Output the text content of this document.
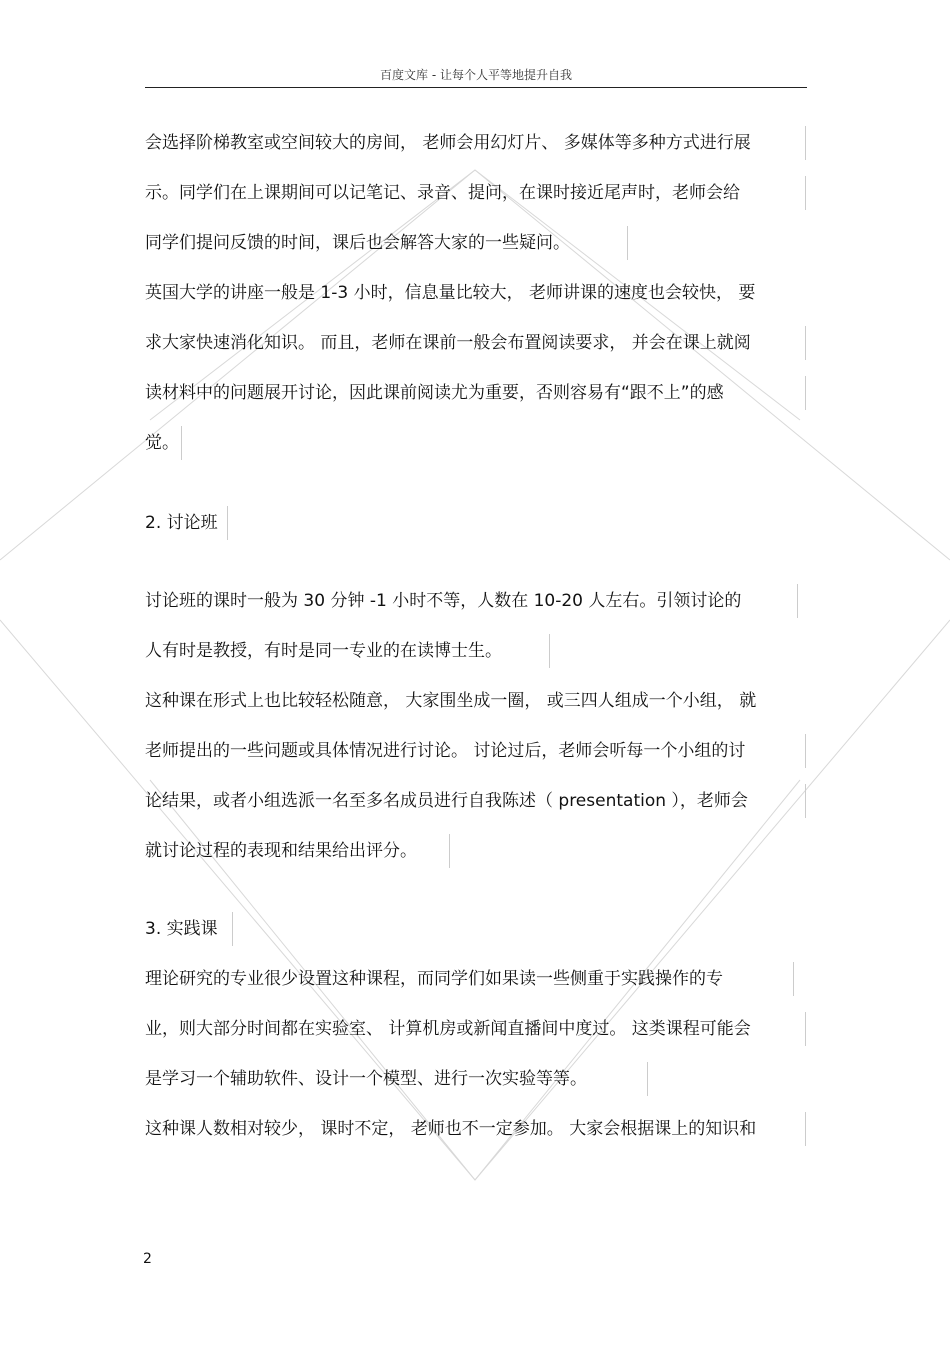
百度文库 - 让每个人平等地提升自我
会选择阶梯教室或空间较大的房间， 老师会用幻灯片、 多媒体等多种方式进行展
示。同学们在上课期间可以记笔记、录音、提问，在课时接近尾声时，老师会给
同学们提问反馈的时间，课后也会解答大家的一些疑问。
英国大学的讲座一般是 1-3 小时，信息量比较大， 老师讲课的速度也会较快， 要
求大家快速消化知识。 而且，老师在课前一般会布置阅读要求， 并会在课上就阅
读材料中的问题展开讨论，因此课前阅读尤为重要，否则容易有“跟不上”的感
觉。
2. 讨论班
讨论班的课时一般为 30 分钟 -1 小时不等，人数在 10-20 人左右。引领讨论的
人有时是教授，有时是同一专业的在读博士生。
这种课在形式上也比较轻松随意， 大家围坐成一圈， 或三四人组成一个小组， 就
老师提出的一些问题或具体情况进行讨论。 讨论过后，老师会听每一个小组的讨
论结果，或者小组选派一名至多名成员进行自我陈述（ presentation ），老师会
就讨论过程的表现和结果给出评分。
3. 实践课
理论研究的专业很少设置这种课程，而同学们如果读一些侧重于实践操作的专
业，则大部分时间都在实验室、 计算机房或新闻直播间中度过。 这类课程可能会
是学习一个辅助软件、设计一个模型、进行一次实验等等。
这种课人数相对较少， 课时不定， 老师也不一定参加。 大家会根据课上的知识和
2
